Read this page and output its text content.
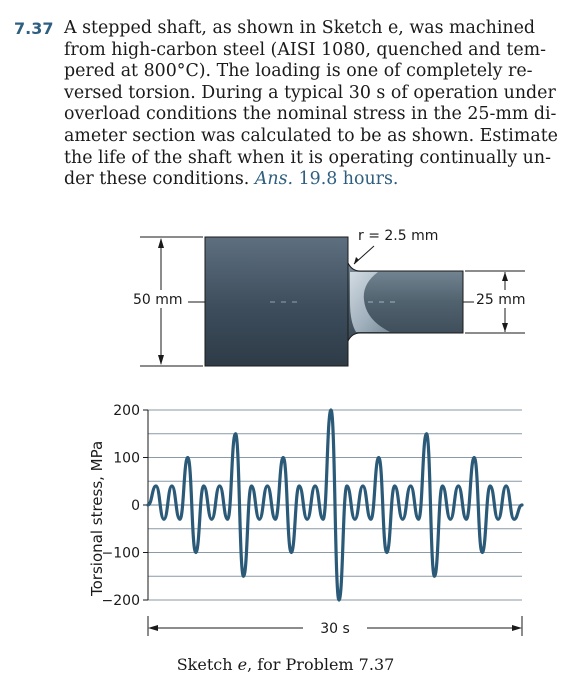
7.37 A stepped shaft, as shown in Sketch e, was machined
from high-carbon steel (AISI 1080, quenched and tem-
pered at 800°C). The loading is one of completely re-
versed torsion. During a typical 30 s of operation under
overload conditions the nominal stress in the 25-mm di-
ameter section was calculated to be as shown. Estimate
the life of the shaft when it is operating continually un-
der these conditions. Ans. 19.8 hours.
r = 2.5 mm
50 mm	25 mm
Torsional stress, MPa
200
100
0
−100
−200
30 s
Sketch e, for Problem 7.37
